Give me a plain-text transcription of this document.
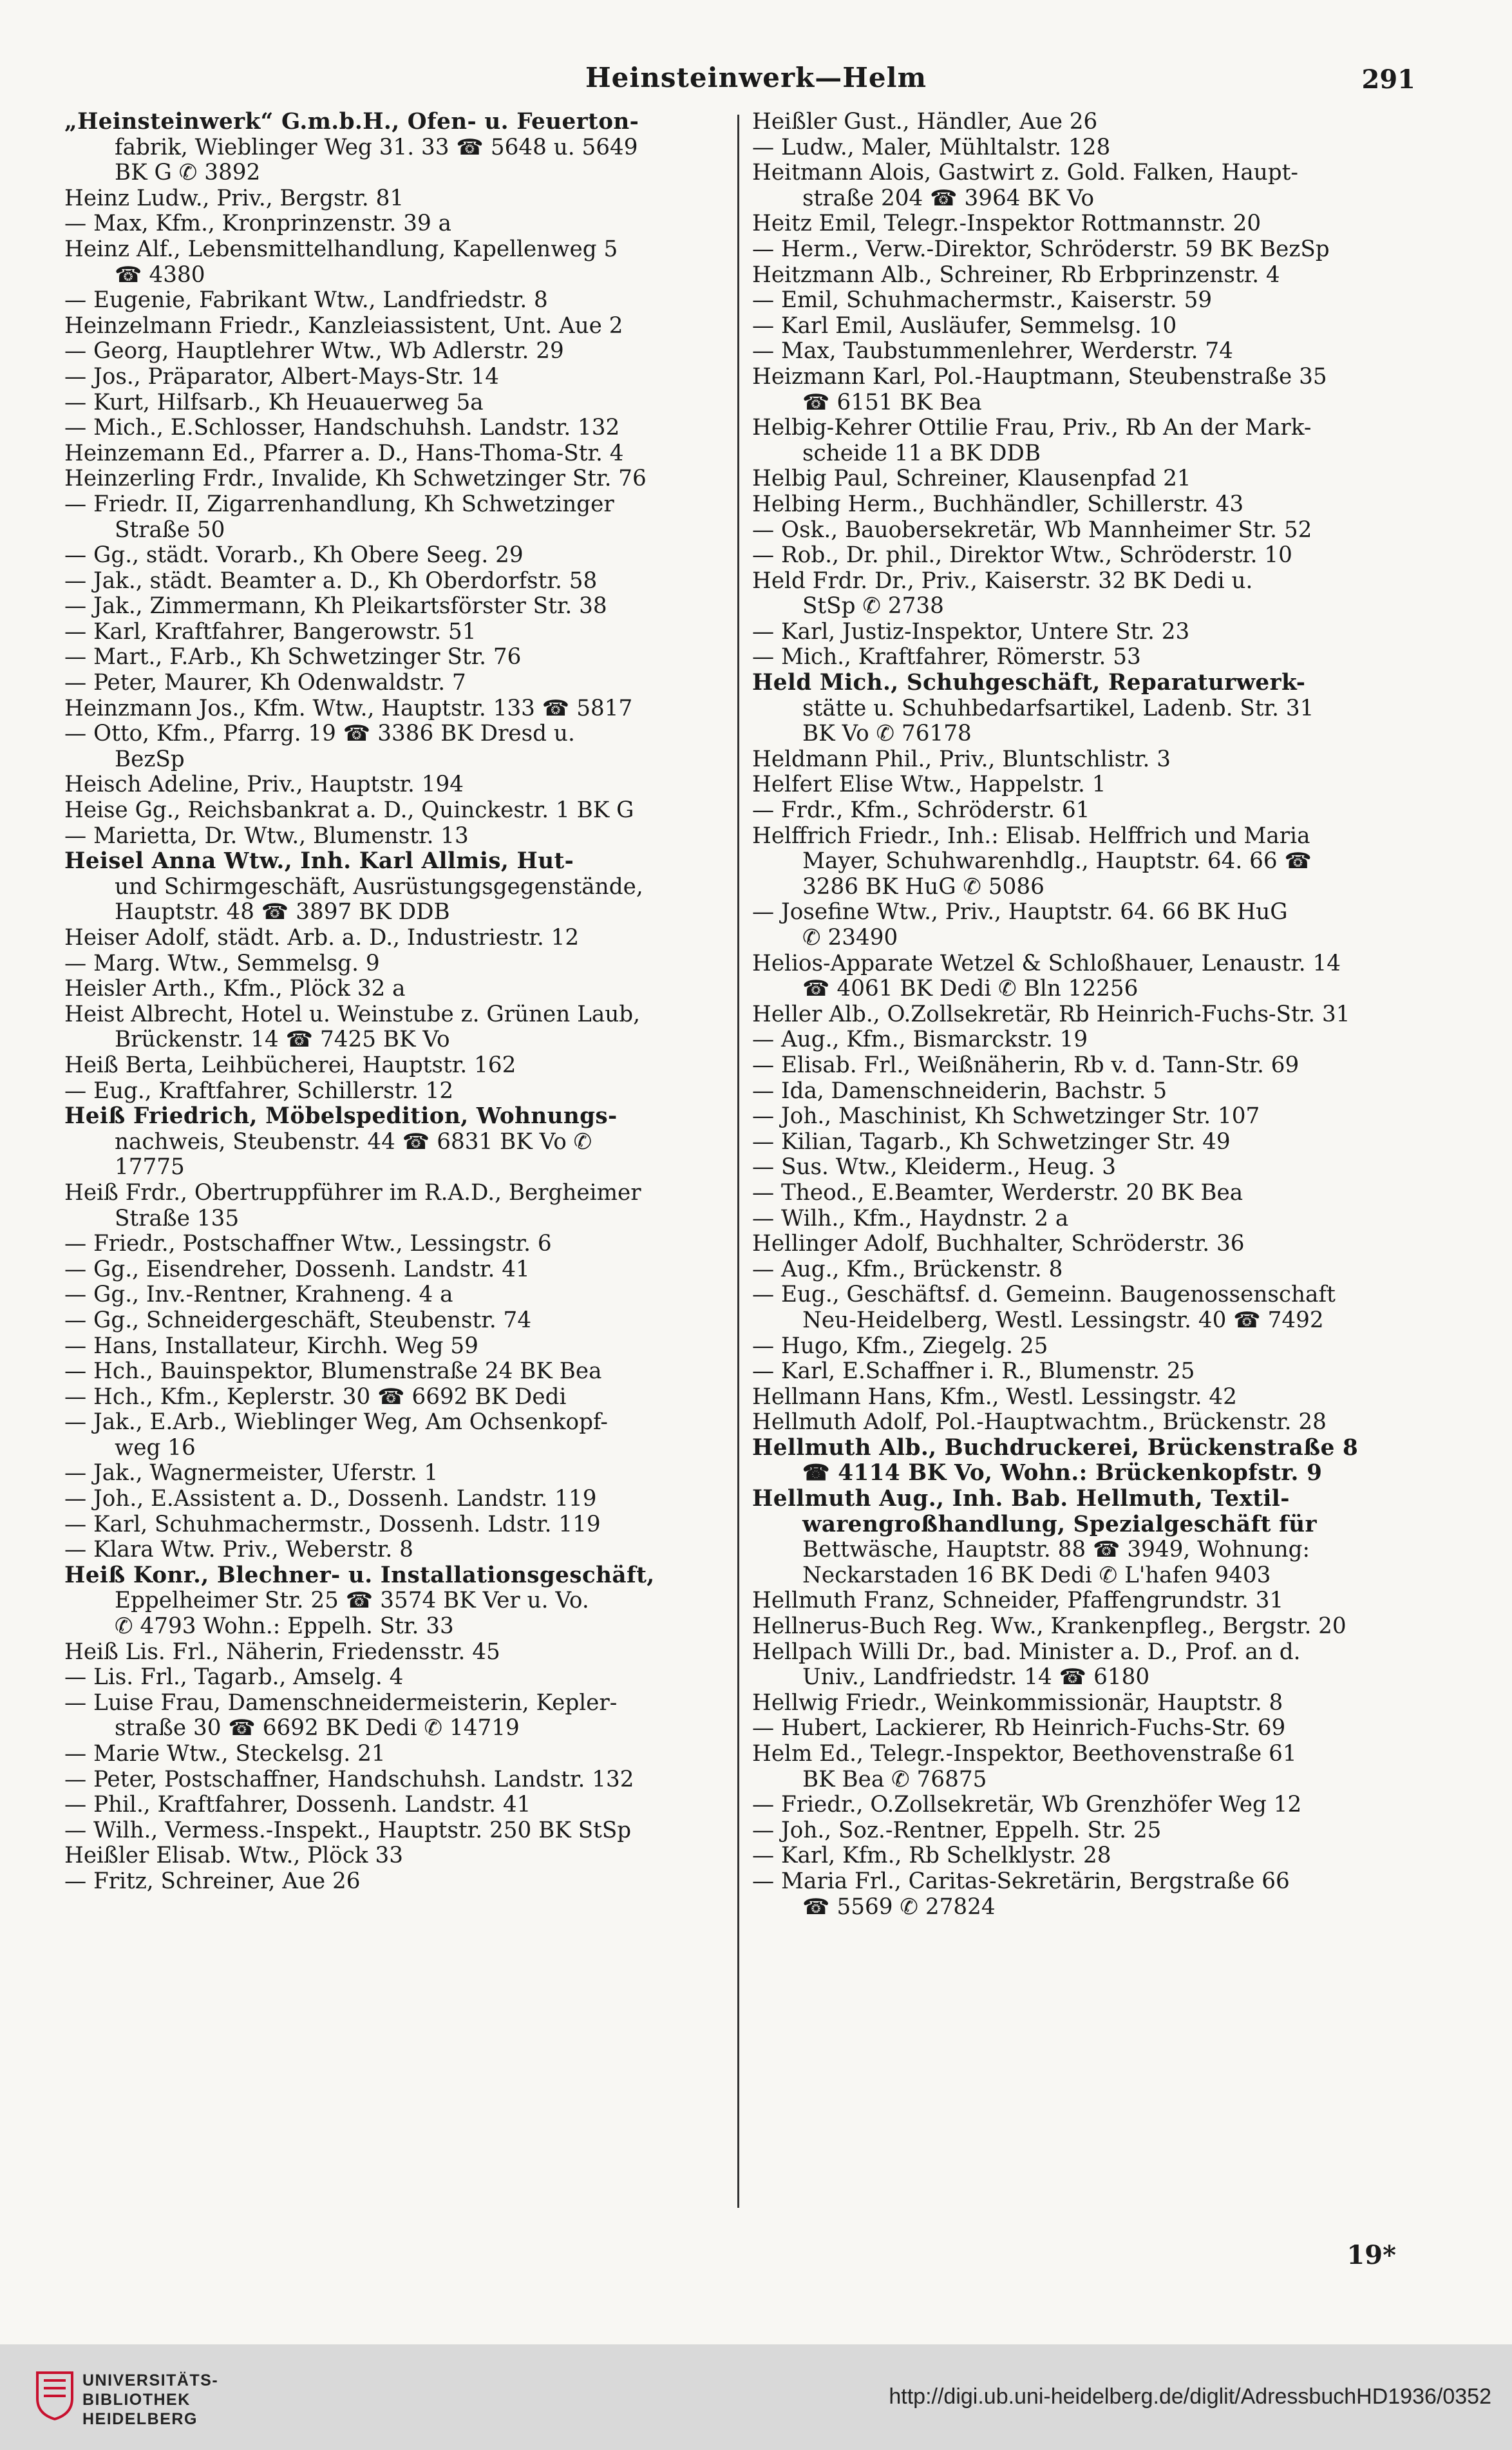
Heinsteinwerk—Helm	291
„Heinsteinwerk“ G.m.b.H., Ofen- u. Feuerton-
fabrik, Wieblinger Weg 31. 33 ☎ 5648 u. 5649
BK G ✆ 3892
Heinz Ludw., Priv., Bergstr. 81
— Max, Kfm., Kronprinzenstr. 39 a
Heinz Alf., Lebensmittelhandlung, Kapellenweg 5
☎ 4380
— Eugenie, Fabrikant Wtw., Landfriedstr. 8
Heinzelmann Friedr., Kanzleiassistent, Unt. Aue 2
— Georg, Hauptlehrer Wtw., Wb Adlerstr. 29
— Jos., Präparator, Albert-Mays-Str. 14
— Kurt, Hilfsarb., Kh Heuauerweg 5a
— Mich., E.Schlosser, Handschuhsh. Landstr. 132
Heinzemann Ed., Pfarrer a. D., Hans-Thoma-Str. 4
Heinzerling Frdr., Invalide, Kh Schwetzinger Str. 76
— Friedr. II, Zigarrenhandlung, Kh Schwetzinger
Straße 50
— Gg., städt. Vorarb., Kh Obere Seeg. 29
— Jak., städt. Beamter a. D., Kh Oberdorfstr. 58
— Jak., Zimmermann, Kh Pleikartsförster Str. 38
— Karl, Kraftfahrer, Bangerowstr. 51
— Mart., F.Arb., Kh Schwetzinger Str. 76
— Peter, Maurer, Kh Odenwaldstr. 7
Heinzmann Jos., Kfm. Wtw., Hauptstr. 133 ☎ 5817
— Otto, Kfm., Pfarrg. 19 ☎ 3386 BK Dresd u.
BezSp
Heisch Adeline, Priv., Hauptstr. 194
Heise Gg., Reichsbankrat a. D., Quinckestr. 1 BK G
— Marietta, Dr. Wtw., Blumenstr. 13
Heisel Anna Wtw., Inh. Karl Allmis, Hut-
und Schirmgeschäft, Ausrüstungsgegenstände,
Hauptstr. 48 ☎ 3897 BK DDB
Heiser Adolf, städt. Arb. a. D., Industriestr. 12
— Marg. Wtw., Semmelsg. 9
Heisler Arth., Kfm., Plöck 32 a
Heist Albrecht, Hotel u. Weinstube z. Grünen Laub,
Brückenstr. 14 ☎ 7425 BK Vo
Heiß Berta, Leihbücherei, Hauptstr. 162
— Eug., Kraftfahrer, Schillerstr. 12
Heiß Friedrich, Möbelspedition, Wohnungs-
nachweis, Steubenstr. 44 ☎ 6831 BK Vo ✆
17775
Heiß Frdr., Obertruppführer im R.A.D., Bergheimer
Straße 135
— Friedr., Postschaffner Wtw., Lessingstr. 6
— Gg., Eisendreher, Dossenh. Landstr. 41
— Gg., Inv.-Rentner, Krahneng. 4 a
— Gg., Schneidergeschäft, Steubenstr. 74
— Hans, Installateur, Kirchh. Weg 59
— Hch., Bauinspektor, Blumenstraße 24 BK Bea
— Hch., Kfm., Keplerstr. 30 ☎ 6692 BK Dedi
— Jak., E.Arb., Wieblinger Weg, Am Ochsenkopf-
weg 16
— Jak., Wagnermeister, Uferstr. 1
— Joh., E.Assistent a. D., Dossenh. Landstr. 119
— Karl, Schuhmachermstr., Dossenh. Ldstr. 119
— Klara Wtw. Priv., Weberstr. 8
Heiß Konr., Blechner- u. Installationsgeschäft,
Eppelheimer Str. 25 ☎ 3574 BK Ver u. Vo.
✆ 4793 Wohn.: Eppelh. Str. 33
Heiß Lis. Frl., Näherin, Friedensstr. 45
— Lis. Frl., Tagarb., Amselg. 4
— Luise Frau, Damenschneidermeisterin, Kepler-
straße 30 ☎ 6692 BK Dedi ✆ 14719
— Marie Wtw., Steckelsg. 21
— Peter, Postschaffner, Handschuhsh. Landstr. 132
— Phil., Kraftfahrer, Dossenh. Landstr. 41
— Wilh., Vermess.-Inspekt., Hauptstr. 250 BK StSp
Heißler Elisab. Wtw., Plöck 33
— Fritz, Schreiner, Aue 26
Heißler Gust., Händler, Aue 26
— Ludw., Maler, Mühltalstr. 128
Heitmann Alois, Gastwirt z. Gold. Falken, Haupt-
straße 204 ☎ 3964 BK Vo
Heitz Emil, Telegr.-Inspektor Rottmannstr. 20
— Herm., Verw.-Direktor, Schröderstr. 59 BK BezSp
Heitzmann Alb., Schreiner, Rb Erbprinzenstr. 4
— Emil, Schuhmachermstr., Kaiserstr. 59
— Karl Emil, Ausläufer, Semmelsg. 10
— Max, Taubstummenlehrer, Werderstr. 74
Heizmann Karl, Pol.-Hauptmann, Steubenstraße 35
☎ 6151 BK Bea
Helbig-Kehrer Ottilie Frau, Priv., Rb An der Mark-
scheide 11 a BK DDB
Helbig Paul, Schreiner, Klausenpfad 21
Helbing Herm., Buchhändler, Schillerstr. 43
— Osk., Bauobersekretär, Wb Mannheimer Str. 52
— Rob., Dr. phil., Direktor Wtw., Schröderstr. 10
Held Frdr. Dr., Priv., Kaiserstr. 32 BK Dedi u.
StSp ✆ 2738
— Karl, Justiz-Inspektor, Untere Str. 23
— Mich., Kraftfahrer, Römerstr. 53
Held Mich., Schuhgeschäft, Reparaturwerk-
stätte u. Schuhbedarfsartikel, Ladenb. Str. 31
BK Vo ✆ 76178
Heldmann Phil., Priv., Bluntschlistr. 3
Helfert Elise Wtw., Happelstr. 1
— Frdr., Kfm., Schröderstr. 61
Helffrich Friedr., Inh.: Elisab. Helffrich und Maria
Mayer, Schuhwarenhdlg., Hauptstr. 64. 66 ☎
3286 BK HuG ✆ 5086
— Josefine Wtw., Priv., Hauptstr. 64. 66 BK HuG
✆ 23490
Helios-Apparate Wetzel & Schloßhauer, Lenaustr. 14
☎ 4061 BK Dedi ✆ Bln 12256
Heller Alb., O.Zollsekretär, Rb Heinrich-Fuchs-Str. 31
— Aug., Kfm., Bismarckstr. 19
— Elisab. Frl., Weißnäherin, Rb v. d. Tann-Str. 69
— Ida, Damenschneiderin, Bachstr. 5
— Joh., Maschinist, Kh Schwetzinger Str. 107
— Kilian, Tagarb., Kh Schwetzinger Str. 49
— Sus. Wtw., Kleiderm., Heug. 3
— Theod., E.Beamter, Werderstr. 20 BK Bea
— Wilh., Kfm., Haydnstr. 2 a
Hellinger Adolf, Buchhalter, Schröderstr. 36
— Aug., Kfm., Brückenstr. 8
— Eug., Geschäftsf. d. Gemeinn. Baugenossenschaft
Neu-Heidelberg, Westl. Lessingstr. 40 ☎ 7492
— Hugo, Kfm., Ziegelg. 25
— Karl, E.Schaffner i. R., Blumenstr. 25
Hellmann Hans, Kfm., Westl. Lessingstr. 42
Hellmuth Adolf, Pol.-Hauptwachtm., Brückenstr. 28
Hellmuth Alb., Buchdruckerei, Brückenstraße 8
☎ 4114 BK Vo, Wohn.: Brückenkopfstr. 9
Hellmuth Aug., Inh. Bab. Hellmuth, Textil-
warengroßhandlung, Spezialgeschäft für
Bettwäsche, Hauptstr. 88 ☎ 3949, Wohnung:
Neckarstaden 16 BK Dedi ✆ L'hafen 9403
Hellmuth Franz, Schneider, Pfaffengrundstr. 31
Hellnerus-Buch Reg. Ww., Krankenpfleg., Bergstr. 20
Hellpach Willi Dr., bad. Minister a. D., Prof. an d.
Univ., Landfriedstr. 14 ☎ 6180
Hellwig Friedr., Weinkommissionär, Hauptstr. 8
— Hubert, Lackierer, Rb Heinrich-Fuchs-Str. 69
Helm Ed., Telegr.-Inspektor, Beethovenstraße 61
BK Bea ✆ 76875
— Friedr., O.Zollsekretär, Wb Grenzhöfer Weg 12
— Joh., Soz.-Rentner, Eppelh. Str. 25
— Karl, Kfm., Rb Schelklystr. 28
— Maria Frl., Caritas-Sekretärin, Bergstraße 66
☎ 5569 ✆ 27824
19*
UNIVERSITÄTS-
BIBLIOTHEK
HEIDELBERG
http://digi.ub.uni-heidelberg.de/diglit/AdressbuchHD1936/0352
